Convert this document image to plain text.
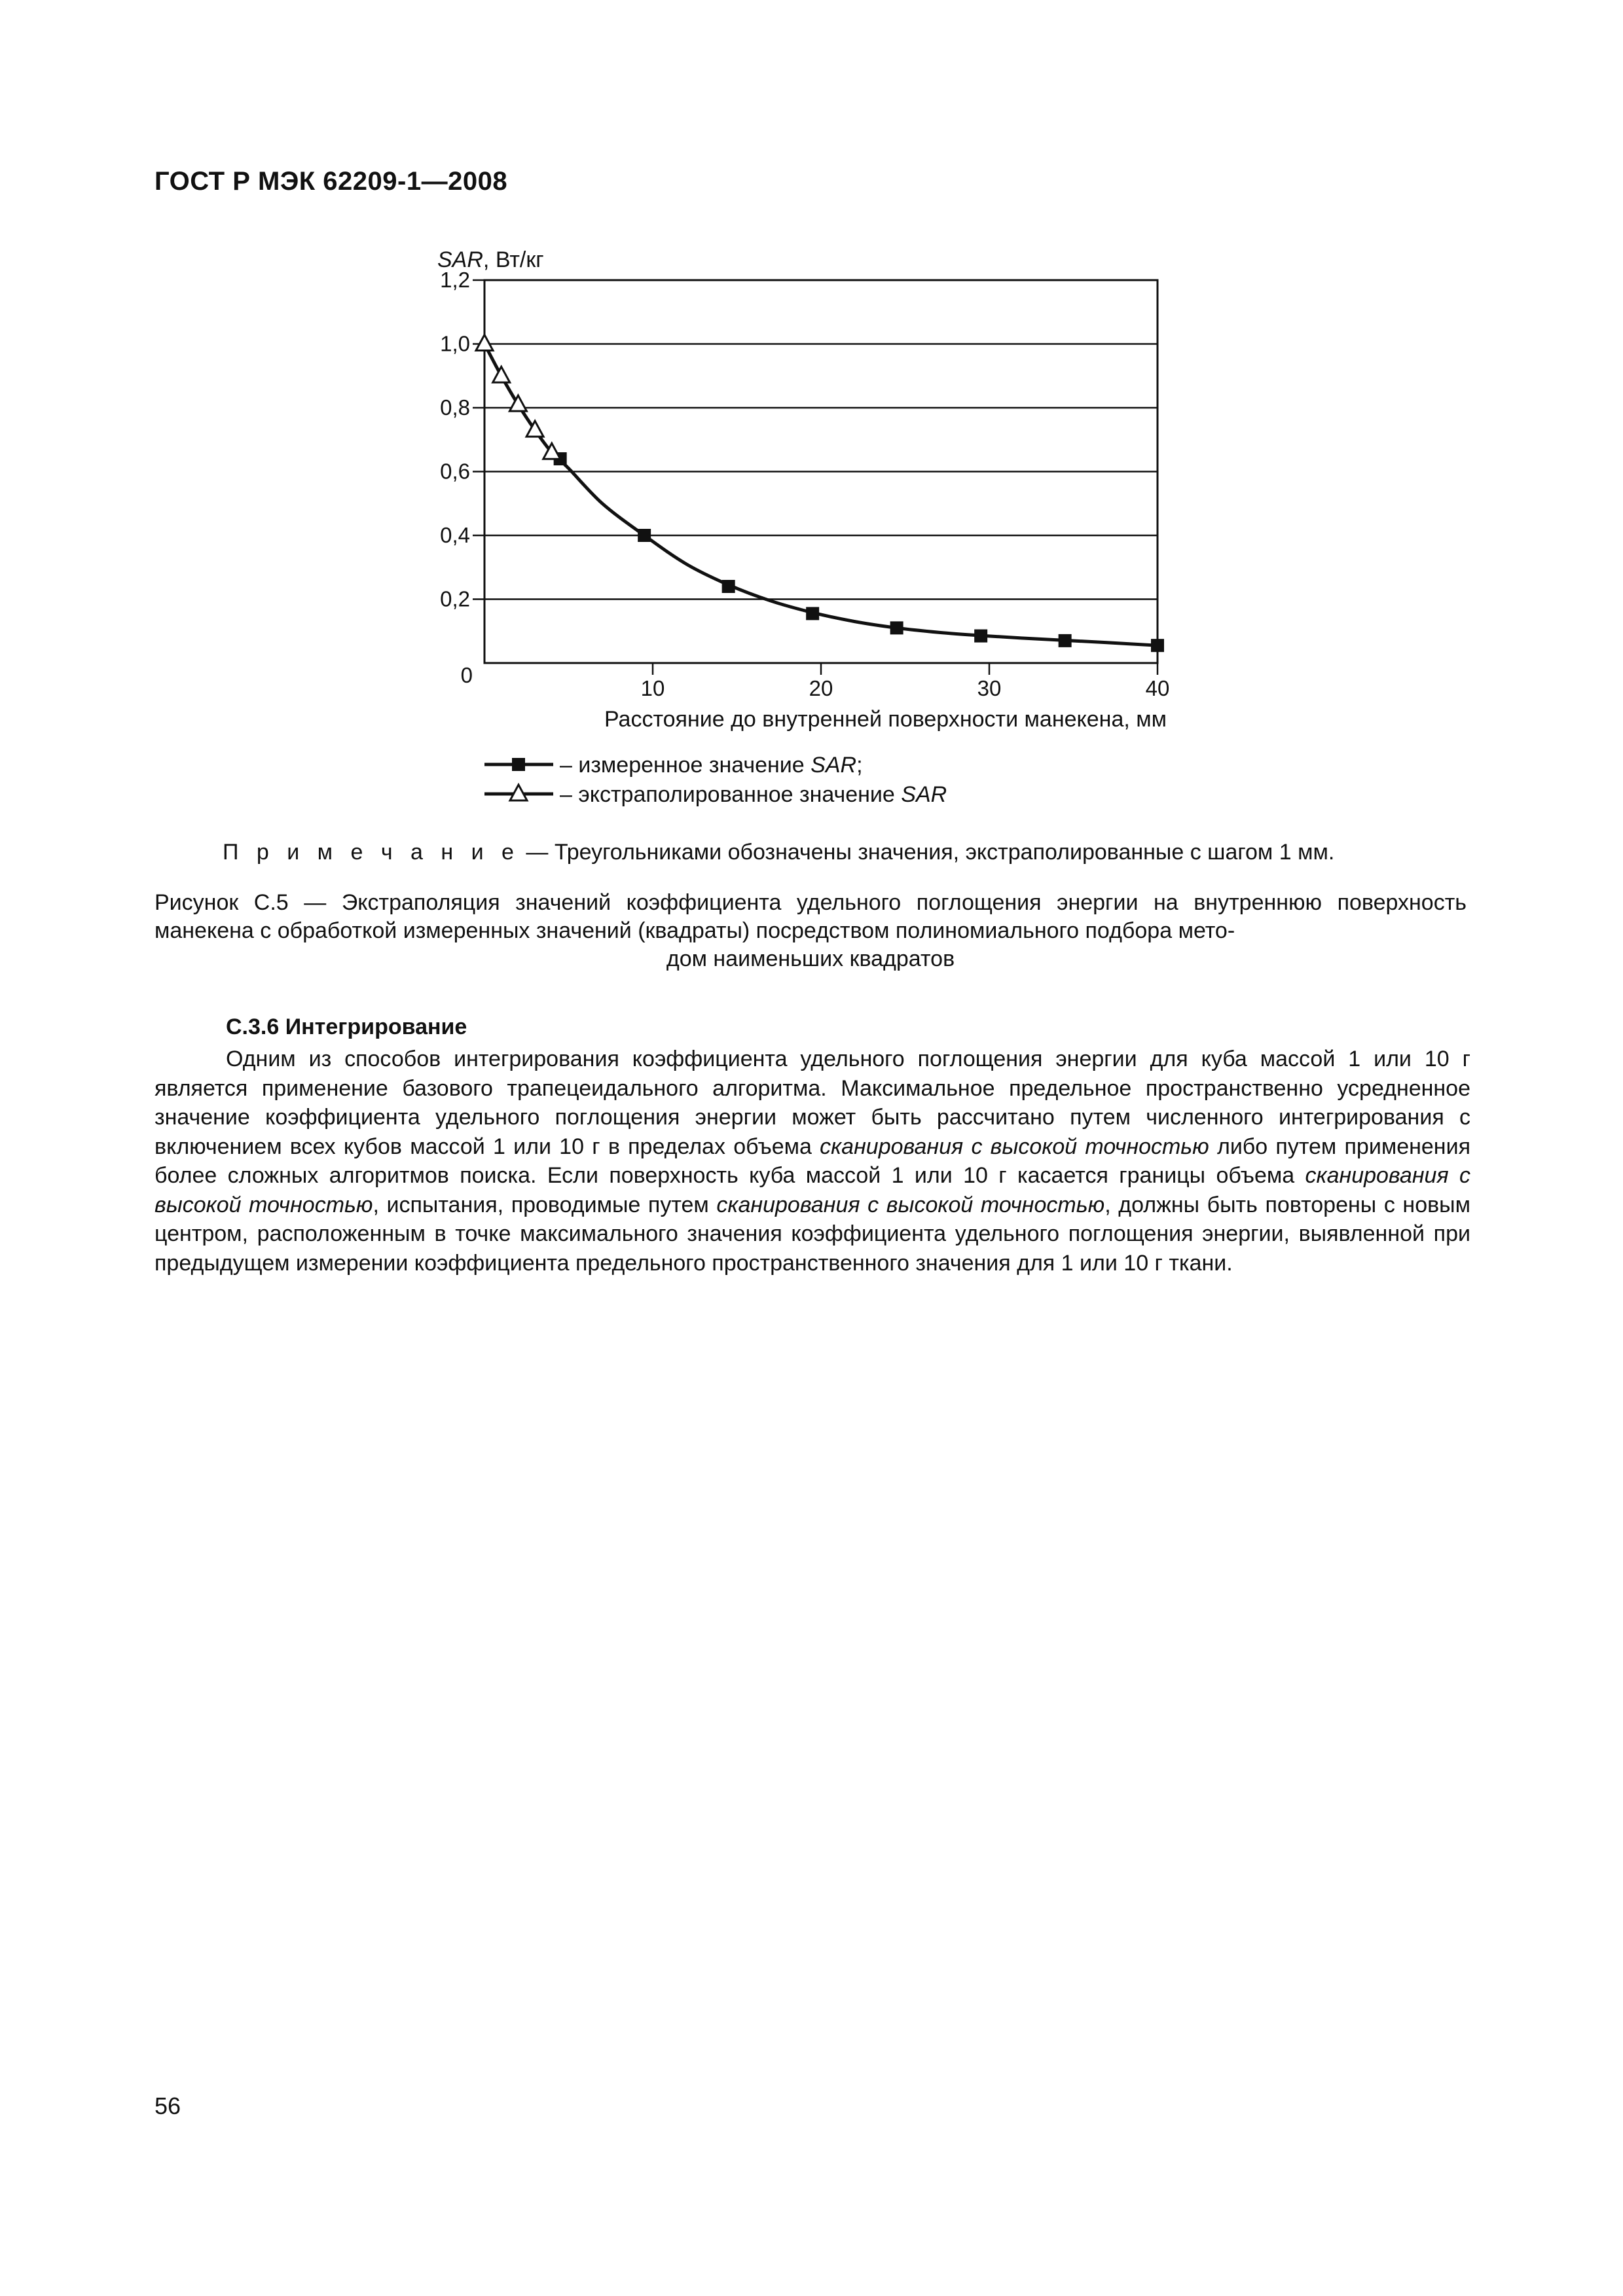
ГОСТ Р МЭК 62209-1—2008
0
0,2
0,4
0,6
0,8
1,0
1,2
10	20	30	40
SAR, Вт/кг
Расстояние до внутренней поверхности манекена, мм
– измеренное значение SAR;
– экстраполированное значение SAR
П р и м е ч а н и е — Треугольниками обозначены значения, экстраполированные с шагом 1 мм.
Рисунок С.5 — Экстраполяция значений коэффициента удельного поглощения энергии на внутреннюю поверхность манекена с обработкой измеренных значений (квадраты) посредством полиномиального подбора мето-
дом наименьших квадратов
С.3.6 Интегрирование
Одним из способов интегрирования коэффициента удельного поглощения энергии для куба массой 1 или 10 г является применение базового трапецеидального алгоритма. Максимальное предельное пространственно усредненное значение коэффициента удельного поглощения энергии может быть рассчитано путем численного интегрирования с включением всех кубов массой 1 или 10 г в пределах объема сканирования с высокой точностью либо путем применения более сложных алгоритмов поиска. Если поверхность куба массой 1 или 10 г касается границы объема сканирования с высокой точностью, испытания, проводимые путем сканирования с высокой точностью, должны быть повторены с новым центром, расположенным в точке максимального значения коэффициента удельного поглощения энергии, выявленной при предыдущем измерении коэффициента предельного пространственного значения для 1 или 10 г ткани.
56
